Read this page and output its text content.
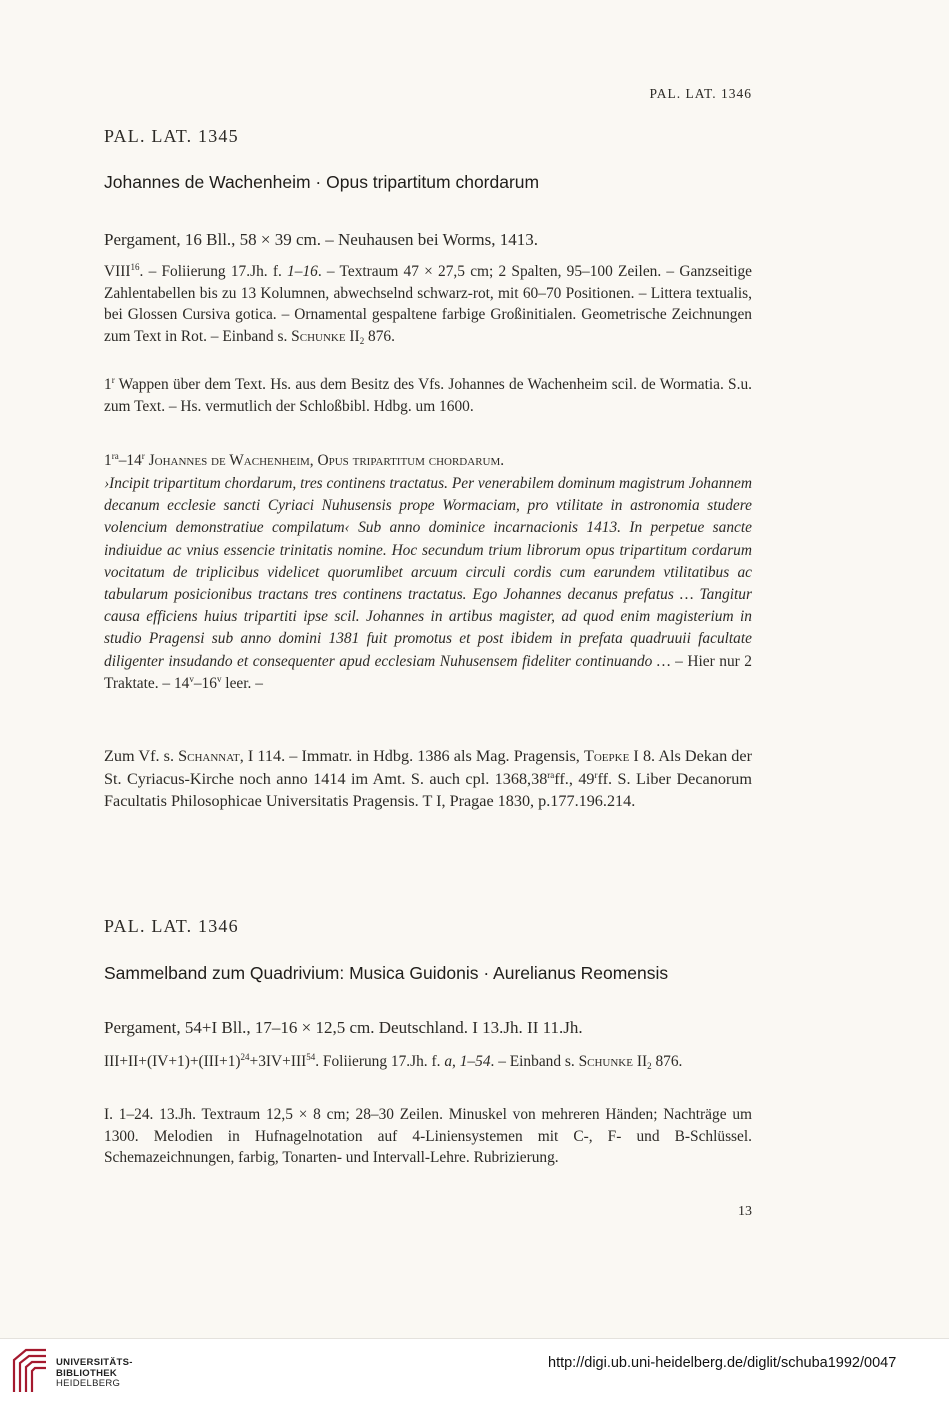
PAL. LAT. 1346
PAL. LAT. 1345
Johannes de Wachenheim · Opus tripartitum chordarum
Pergament, 16 Bll., 58 × 39 cm. – Neuhausen bei Worms, 1413.
VIII$^{16}$. – Foliierung 17.Jh. f. 1–16. – Textraum 47 × 27,5 cm; 2 Spalten, 95–100 Zeilen. – Ganzseitige Zahlentabellen bis zu 13 Kolumnen, abwechselnd schwarz-rot, mit 60–70 Positionen. – Littera textualis, bei Glossen Cursiva gotica. – Ornamental gespaltene farbige Großinitialen. Geometrische Zeichnungen zum Text in Rot. – Einband s. Schunke $II_2$ 876.
1$^r$ Wappen über dem Text. Hs. aus dem Besitz des Vfs. Johannes de Wachenheim scil. de Wormatia. S.u. zum Text. – Hs. vermutlich der Schloßbibl. Hdbg. um 1600.
$1^{ra}-14^r$ Johannes de Wachenheim, Opus tripartitum chordarum.
›Incipit tripartitum chordarum, tres continens tractatus. Per venerabilem dominum magistrum Johannem decanum ecclesie sancti Cyriaci Nuhusensis prope Wormaciam, pro vtilitate in astronomia studere volencium demonstratiue compilatum‹ Sub anno dominice incarnacionis 1413. In perpetue sancte indiuidue ac vnius essencie trinitatis nomine. Hoc secundum trium librorum opus tripartitum cordarum vocitatum de triplicibus videlicet quorumlibet arcuum circuli cordis cum earundem vtilitatibus ac tabularum posicionibus tractans tres continens tractatus. Ego Johannes decanus prefatus … Tangitur causa efficiens huius tripartiti ipse scil. Johannes in artibus magister, ad quod enim magisterium in studio Pragensi sub anno domini 1381 fuit promotus et post ibidem in prefata quadruuii facultate diligenter insudando et consequenter apud ecclesiam Nuhusensem fideliter continuando … – Hier nur 2 Traktate. – 14$^v$–16$^v$ leer. –
Zum Vf. s. Schannat, I 114. – Immatr. in Hdbg. 1386 als Mag. Pragensis, Toepke I 8. Als Dekan der St. Cyriacus-Kirche noch anno 1414 im Amt. S. auch cpl. $1368,38^{ra}ff$., 49$^r$ff. S. Liber Decanorum Facultatis Philosophicae Universitatis Pragensis. T I, Pragae 1830, p.177.196.214.
PAL. LAT. 1346
Sammelband zum Quadrivium: Musica Guidonis · Aurelianus Reomensis
Pergament, 54+I Bll., 17–16 × 12,5 cm. Deutschland. I 13.Jh. II 11.Jh.
$III+II+(IV+1)+(III+1)^{24}+3IV+III^{54}$. Foliierung 17.Jh. f. a, 1–54. – Einband s. Schunke $II_2$ 876.
I. 1–24. 13.Jh. Textraum 12,5 × 8 cm; 28–30 Zeilen. Minuskel von mehreren Händen; Nachträge um 1300. Melodien in Hufnagelnotation auf 4-Liniensystemen mit C-, F- und B-Schlüssel. Schemazeichnungen, farbig, Tonarten- und Intervall-Lehre. Rubrizierung.
13
UNIVERSITÄTS-
BIBLIOTHEK
HEIDELBERG
http://digi.ub.uni-heidelberg.de/diglit/schuba1992/0047
